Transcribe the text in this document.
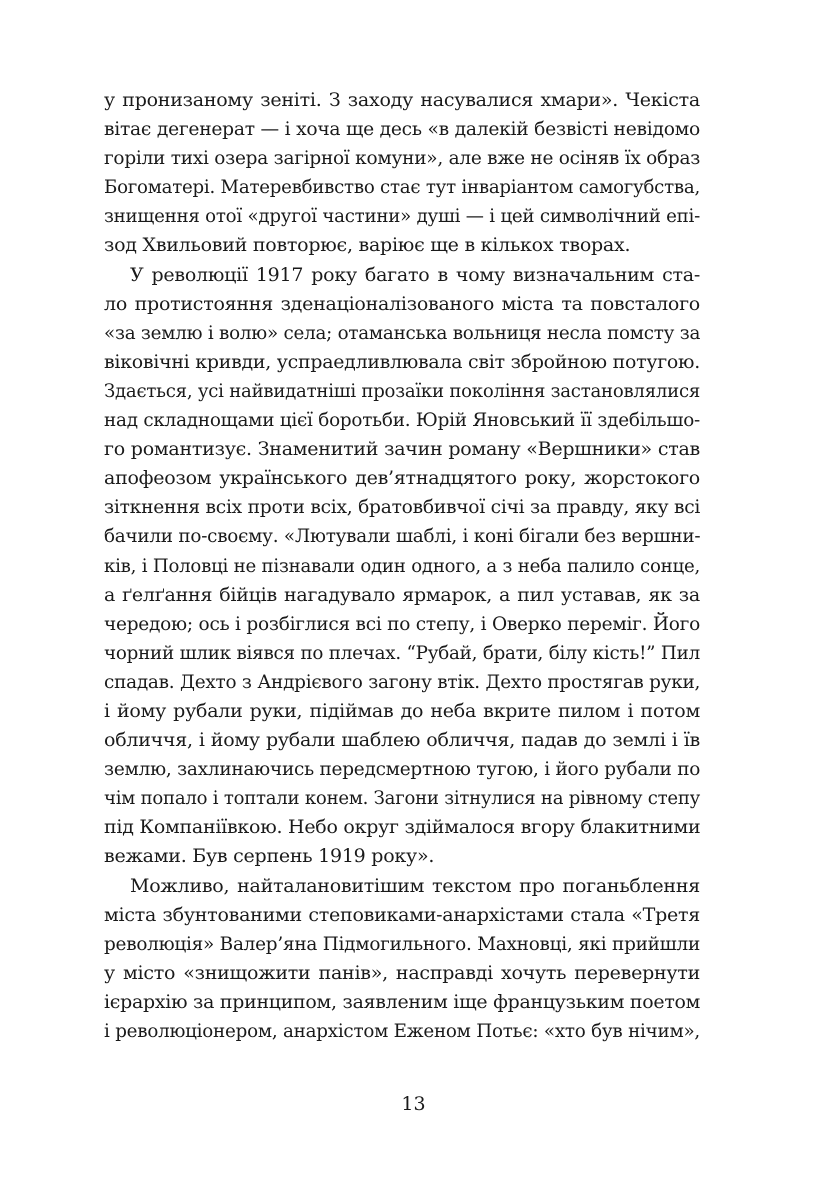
у пронизаному зеніті. З заходу насувалися хмари». Чекіста
вітає дегенерат — і хоча ще десь «в далекій безвісті невідомо
горіли тихі озера загірної комуни», але вже не осіняв їх образ
Богоматері. Матеревбивство стає тут інваріантом самогубства,
знищення отої «другої частини» душі — і цей символічний епі-
зод Хвильовий повторює, варіює ще в кількох творах.
У революції 1917 року багато в чому визначальним ста-
ло протистояння зденаціоналізованого міста та повсталого
«за землю і волю» села; отаманська вольниця несла помсту за
віковічні кривди, успраедливлювала світ збройною потугою.
Здається, усі найвидатніші прозаїки покоління застановлялися
над складнощами цієї боротьби. Юрій Яновський її здебільшо-
го романтизує. Знаменитий зачин роману «Вершники» став
апофеозом українського дев’ятнадцятого року, жорстокого
зіткнення всіх проти всіх, братовбивчої січі за правду, яку всі
бачили по-своєму. «Лютували шаблі, і коні бігали без вершни-
ків, і Половці не пізнавали один одного, а з неба палило сонце,
а ґелґання бійців нагадувало ярмарок, а пил уставав, як за
чередою; ось і розбіглися всі по степу, і Оверко переміг. Його
чорний шлик віявся по плечах. “Рубай, брати, білу кість!” Пил
спадав. Дехто з Андрієвого загону втік. Дехто простягав руки,
і йому рубали руки, підіймав до неба вкрите пилом і потом
обличчя, і йому рубали шаблею обличчя, падав до землі і їв
землю, захлинаючись передсмертною тугою, і його рубали по
чім попало і топтали конем. Загони зітнулися на рівному степу
під Компаніївкою. Небо округ здіймалося вгору блакитними
вежами. Був серпень 1919 року».
Можливо, найталановитішим текстом про поганьблення
міста збунтованими степовиками-анархістами стала «Третя
революція» Валер’яна Підмогильного. Махновці, які прийшли
у місто «знищожити панів», насправді хочуть перевернути
ієрархію за принципом, заявленим іще французьким поетом
і революціонером, анархістом Еженом Потьє: «хто був нічим»,
13
